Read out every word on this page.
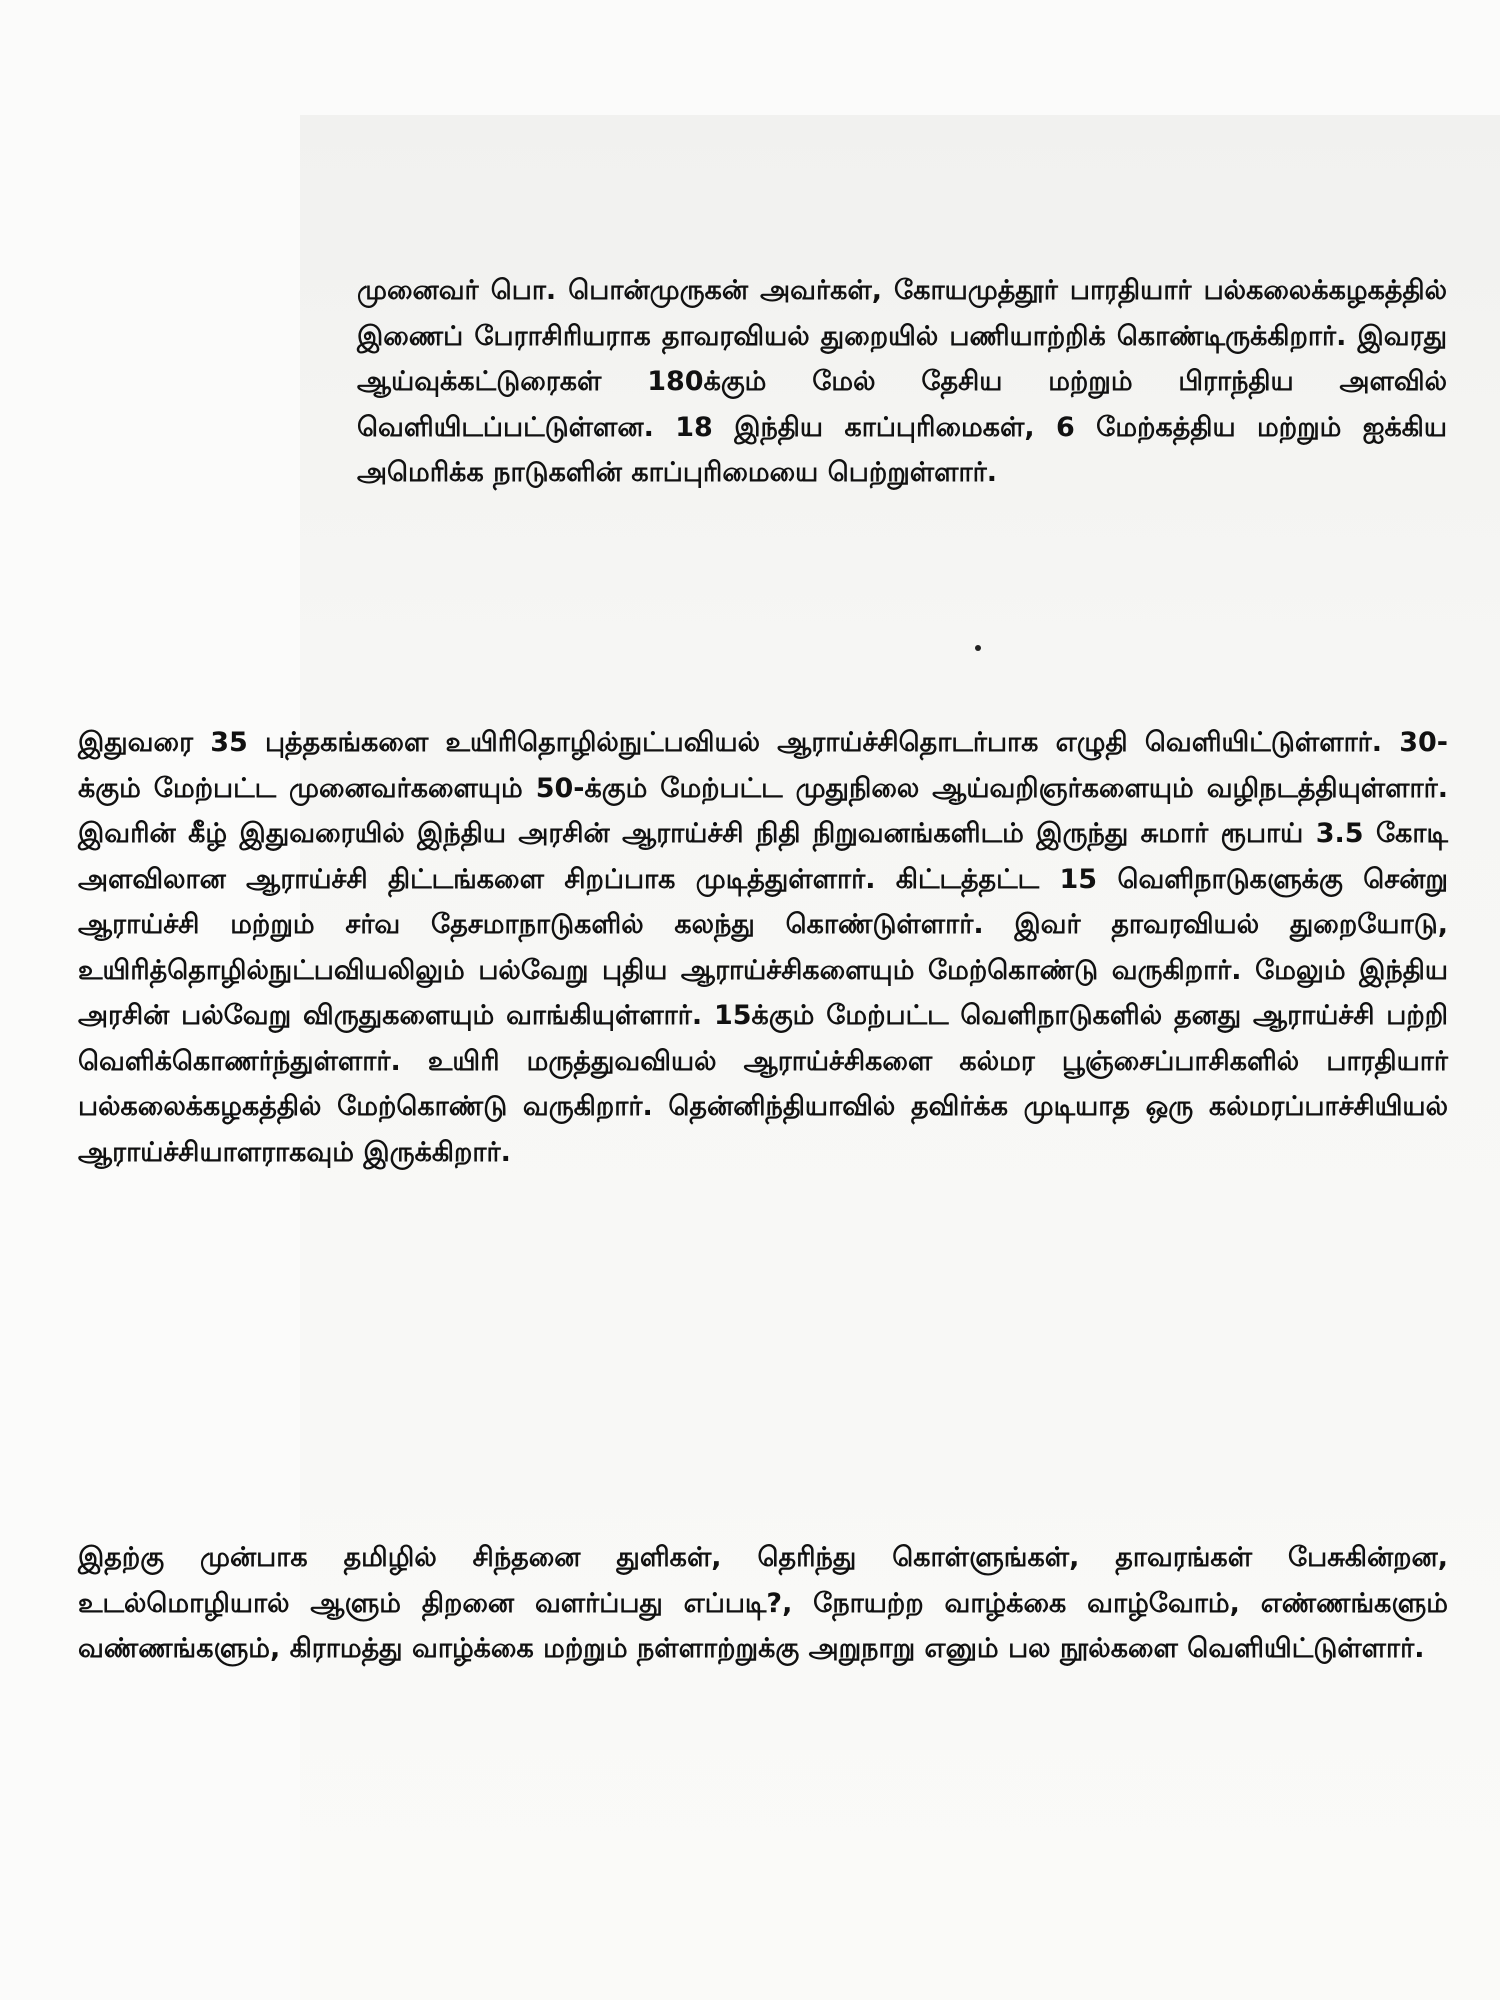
முனைவர் பொ. பொன்முருகன் அவர்கள், கோயமுத்தூர் பாரதியார் பல்கலைக்கழகத்தில் இணைப் பேராசிரியராக தாவரவியல் துறையில் பணியாற்றிக் கொண்டிருக்கிறார். இவரது ஆய்வுக்கட்டுரைகள் 180க்கும் மேல் தேசிய மற்றும் பிராந்திய அளவில் வெளியிடப்பட்டுள்ளன. 18 இந்திய காப்புரிமைகள், 6 மேற்கத்திய மற்றும் ஐக்கிய அமெரிக்க நாடுகளின் காப்புரிமையை பெற்றுள்ளார்.

இதுவரை 35 புத்தகங்களை உயிரிதொழில்நுட்பவியல் ஆராய்ச்சிதொடர்பாக எழுதி வெளியிட்டுள்ளார். 30-க்கும் மேற்பட்ட முனைவர்களையும் 50-க்கும் மேற்பட்ட முதுநிலை ஆய்வறிஞர்களையும் வழிநடத்தியுள்ளார். இவரின் கீழ் இதுவரையில் இந்திய அரசின் ஆராய்ச்சி நிதி நிறுவனங்களிடம் இருந்து சுமார் ரூபாய் 3.5 கோடி அளவிலான ஆராய்ச்சி திட்டங்களை சிறப்பாக முடித்துள்ளார். கிட்டத்தட்ட 15 வெளிநாடுகளுக்கு சென்று ஆராய்ச்சி மற்றும் சர்வ தேசமாநாடுகளில் கலந்து கொண்டுள்ளார். இவர் தாவரவியல் துறையோடு, உயிரித்தொழில்நுட்பவியலிலும் பல்வேறு புதிய ஆராய்ச்சிகளையும் மேற்கொண்டு வருகிறார். மேலும் இந்திய அரசின் பல்வேறு விருதுகளையும் வாங்கியுள்ளார். 15க்கும் மேற்பட்ட வெளிநாடுகளில் தனது ஆராய்ச்சி பற்றி வெளிக்கொணர்ந்துள்ளார். உயிரி மருத்துவவியல் ஆராய்ச்சிகளை கல்மர பூஞ்சைப்பாசிகளில் பாரதியார் பல்கலைக்கழகத்தில் மேற்கொண்டு வருகிறார். தென்னிந்தியாவில் தவிர்க்க முடியாத ஒரு கல்மரப்பாச்சியியல் ஆராய்ச்சியாளராகவும் இருக்கிறார்.

இதற்கு முன்பாக தமிழில் சிந்தனை துளிகள், தெரிந்து கொள்ளுங்கள், தாவரங்கள் பேசுகின்றன, உடல்மொழியால் ஆளும் திறனை வளர்ப்பது எப்படி?, நோயற்ற வாழ்க்கை வாழ்வோம், எண்ணங்களும் வண்ணங்களும், கிராமத்து வாழ்க்கை மற்றும் நள்ளாற்றுக்கு அறுநாறு எனும் பல நூல்களை வெளியிட்டுள்ளார்.
